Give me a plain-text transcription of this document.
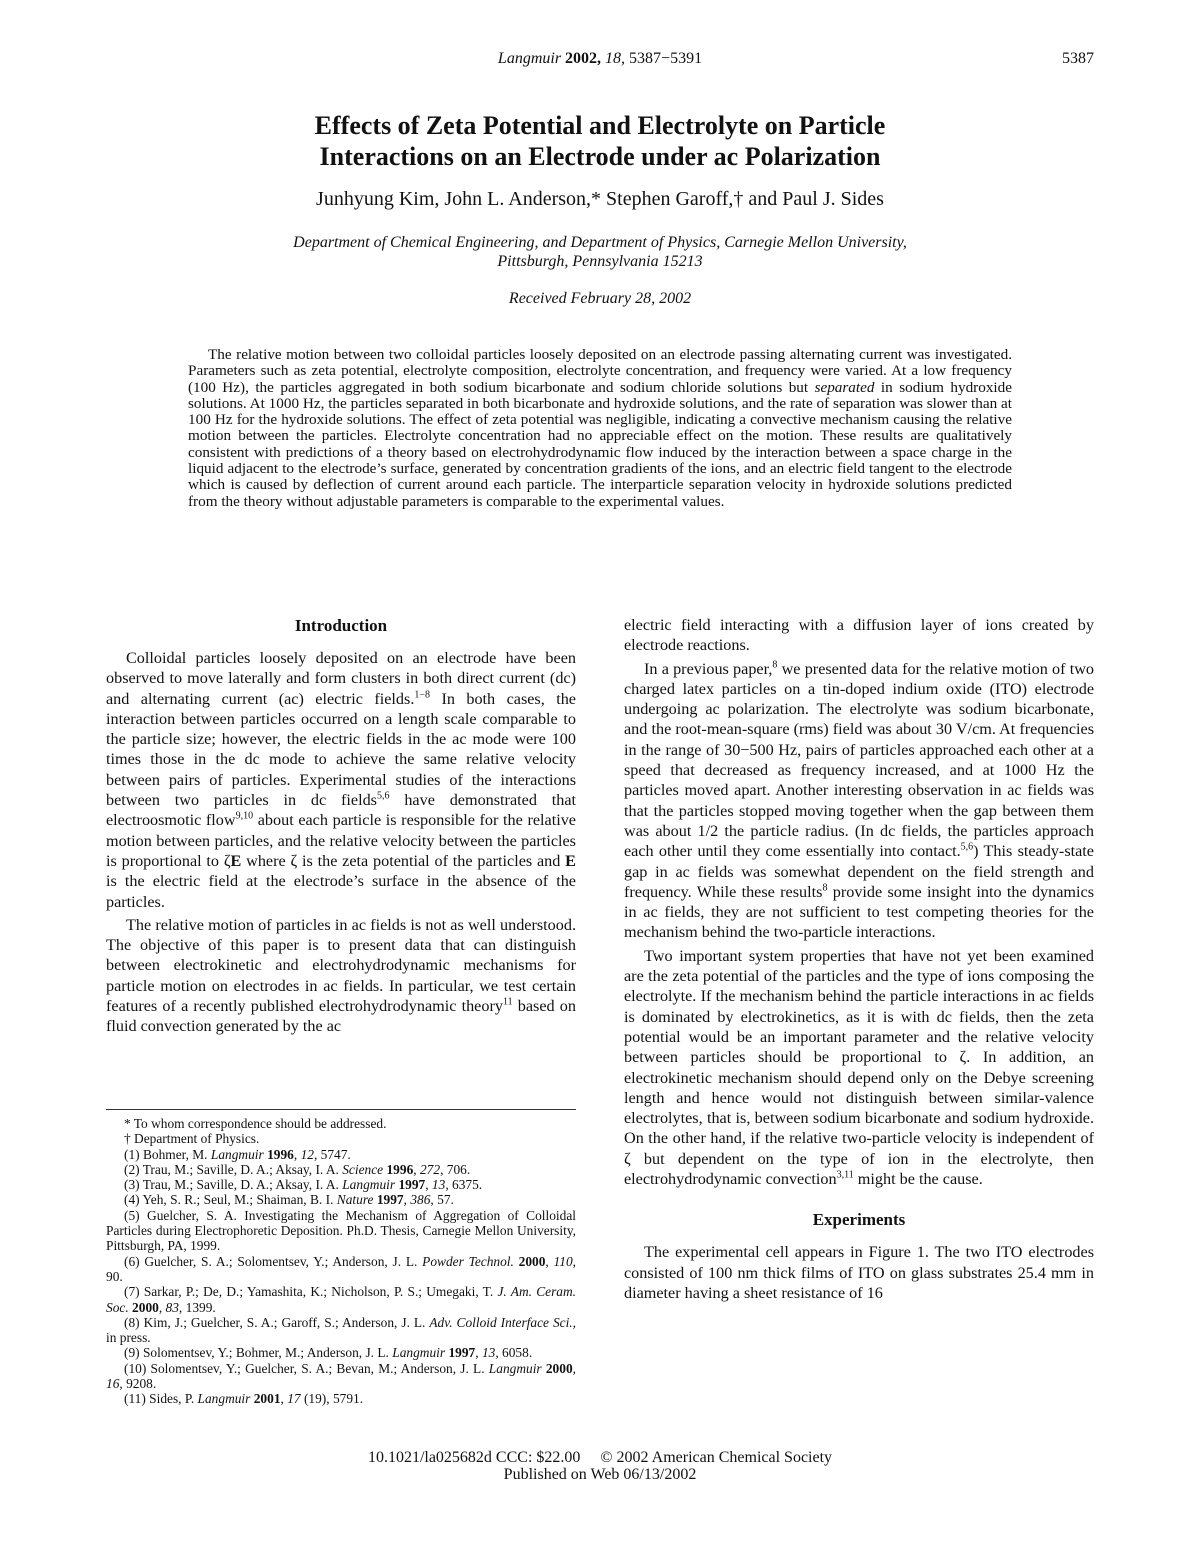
Langmuir 2002, 18, 5387−5391	5387
Effects of Zeta Potential and Electrolyte on Particle
Interactions on an Electrode under ac Polarization
Junhyung Kim, John L. Anderson,* Stephen Garoff,† and Paul J. Sides
Department of Chemical Engineering, and Department of Physics, Carnegie Mellon University,
Pittsburgh, Pennsylvania 15213
Received February 28, 2002
The relative motion between two colloidal particles loosely deposited on an electrode passing alternating current was investigated. Parameters such as zeta potential, electrolyte composition, electrolyte concentration, and frequency were varied. At a low frequency (100 Hz), the particles aggregated in both sodium bicarbonate and sodium chloride solutions but separated in sodium hydroxide solutions. At 1000 Hz, the particles separated in both bicarbonate and hydroxide solutions, and the rate of separation was slower than at 100 Hz for the hydroxide solutions. The effect of zeta potential was negligible, indicating a convective mechanism causing the relative motion between the particles. Electrolyte concentration had no appreciable effect on the motion. These results are qualitatively consistent with predictions of a theory based on electrohydrodynamic flow induced by the interaction between a space charge in the liquid adjacent to the electrode’s surface, generated by concentration gradients of the ions, and an electric field tangent to the electrode which is caused by deflection of current around each particle. The interparticle separation velocity in hydroxide solutions predicted from the theory without adjustable parameters is comparable to the experimental values.
Introduction

Colloidal particles loosely deposited on an electrode have been observed to move laterally and form clusters in both direct current (dc) and alternating current (ac) electric fields.$^{1-8}$ In both cases, the interaction between particles occurred on a length scale comparable to the particle size; however, the electric fields in the ac mode were 100 times those in the dc mode to achieve the same relative velocity between pairs of particles. Experimental studies of the interactions between two particles in dc fields$^{5,6}$ have demonstrated that electroosmotic flow$^{9,10}$ about each particle is responsible for the relative motion between particles, and the relative velocity between the particles is proportional to ζE where ζ is the zeta potential of the particles and E is the electric field at the electrode’s surface in the absence of the particles.

The relative motion of particles in ac fields is not as well understood. The objective of this paper is to present data that can distinguish between electrokinetic and electrohydrodynamic mechanisms for particle motion on electrodes in ac fields. In particular, we test certain features of a recently published electrohydrodynamic theory$^{11}$ based on fluid convection generated by the ac

* To whom correspondence should be addressed.
† Department of Physics.
(1) Bohmer, M. Langmuir 1996, 12, 5747.
(2) Trau, M.; Saville, D. A.; Aksay, I. A. Science 1996, 272, 706.
(3) Trau, M.; Saville, D. A.; Aksay, I. A. Langmuir 1997, 13, 6375.
(4) Yeh, S. R.; Seul, M.; Shaiman, B. I. Nature 1997, 386, 57.
(5) Guelcher, S. A. Investigating the Mechanism of Aggregation of Colloidal Particles during Electrophoretic Deposition. Ph.D. Thesis, Carnegie Mellon University, Pittsburgh, PA, 1999.
(6) Guelcher, S. A.; Solomentsev, Y.; Anderson, J. L. Powder Technol. 2000, 110, 90.
(7) Sarkar, P.; De, D.; Yamashita, K.; Nicholson, P. S.; Umegaki, T. J. Am. Ceram. Soc. 2000, 83, 1399.
(8) Kim, J.; Guelcher, S. A.; Garoff, S.; Anderson, J. L. Adv. Colloid Interface Sci., in press.
(9) Solomentsev, Y.; Bohmer, M.; Anderson, J. L. Langmuir 1997, 13, 6058.
(10) Solomentsev, Y.; Guelcher, S. A.; Bevan, M.; Anderson, J. L. Langmuir 2000, 16, 9208.
(11) Sides, P. Langmuir 2001, 17 (19), 5791.

electric field interacting with a diffusion layer of ions created by electrode reactions.

In a previous paper,$^8$ we presented data for the relative motion of two charged latex particles on a tin-doped indium oxide (ITO) electrode undergoing ac polarization. The electrolyte was sodium bicarbonate, and the root-mean-square (rms) field was about 30 V/cm. At frequencies in the range of 30−500 Hz, pairs of particles approached each other at a speed that decreased as frequency increased, and at 1000 Hz the particles moved apart. Another interesting observation in ac fields was that the particles stopped moving together when the gap between them was about 1/2 the particle radius. (In dc fields, the particles approach each other until they come essentially into contact.$^{5,6}$) This steady-state gap in ac fields was somewhat dependent on the field strength and frequency. While these results$^8$ provide some insight into the dynamics in ac fields, they are not sufficient to test competing theories for the mechanism behind the two-particle interactions.

Two important system properties that have not yet been examined are the zeta potential of the particles and the type of ions composing the electrolyte. If the mechanism behind the particle interactions in ac fields is dominated by electrokinetics, as it is with dc fields, then the zeta potential would be an important parameter and the relative velocity between particles should be proportional to ζ. In addition, an electrokinetic mechanism should depend only on the Debye screening length and hence would not distinguish between similar-valence electrolytes, that is, between sodium bicarbonate and sodium hydroxide. On the other hand, if the relative two-particle velocity is independent of ζ but dependent on the type of ion in the electrolyte, then electrohydrodynamic convection$^{3,11}$ might be the cause.

Experiments

The experimental cell appears in Figure 1. The two ITO electrodes consisted of 100 nm thick films of ITO on glass substrates 25.4 mm in diameter having a sheet resistance of 16

10.1021/la025682d CCC: $22.00 © 2002 American Chemical Society
Published on Web 06/13/2002
